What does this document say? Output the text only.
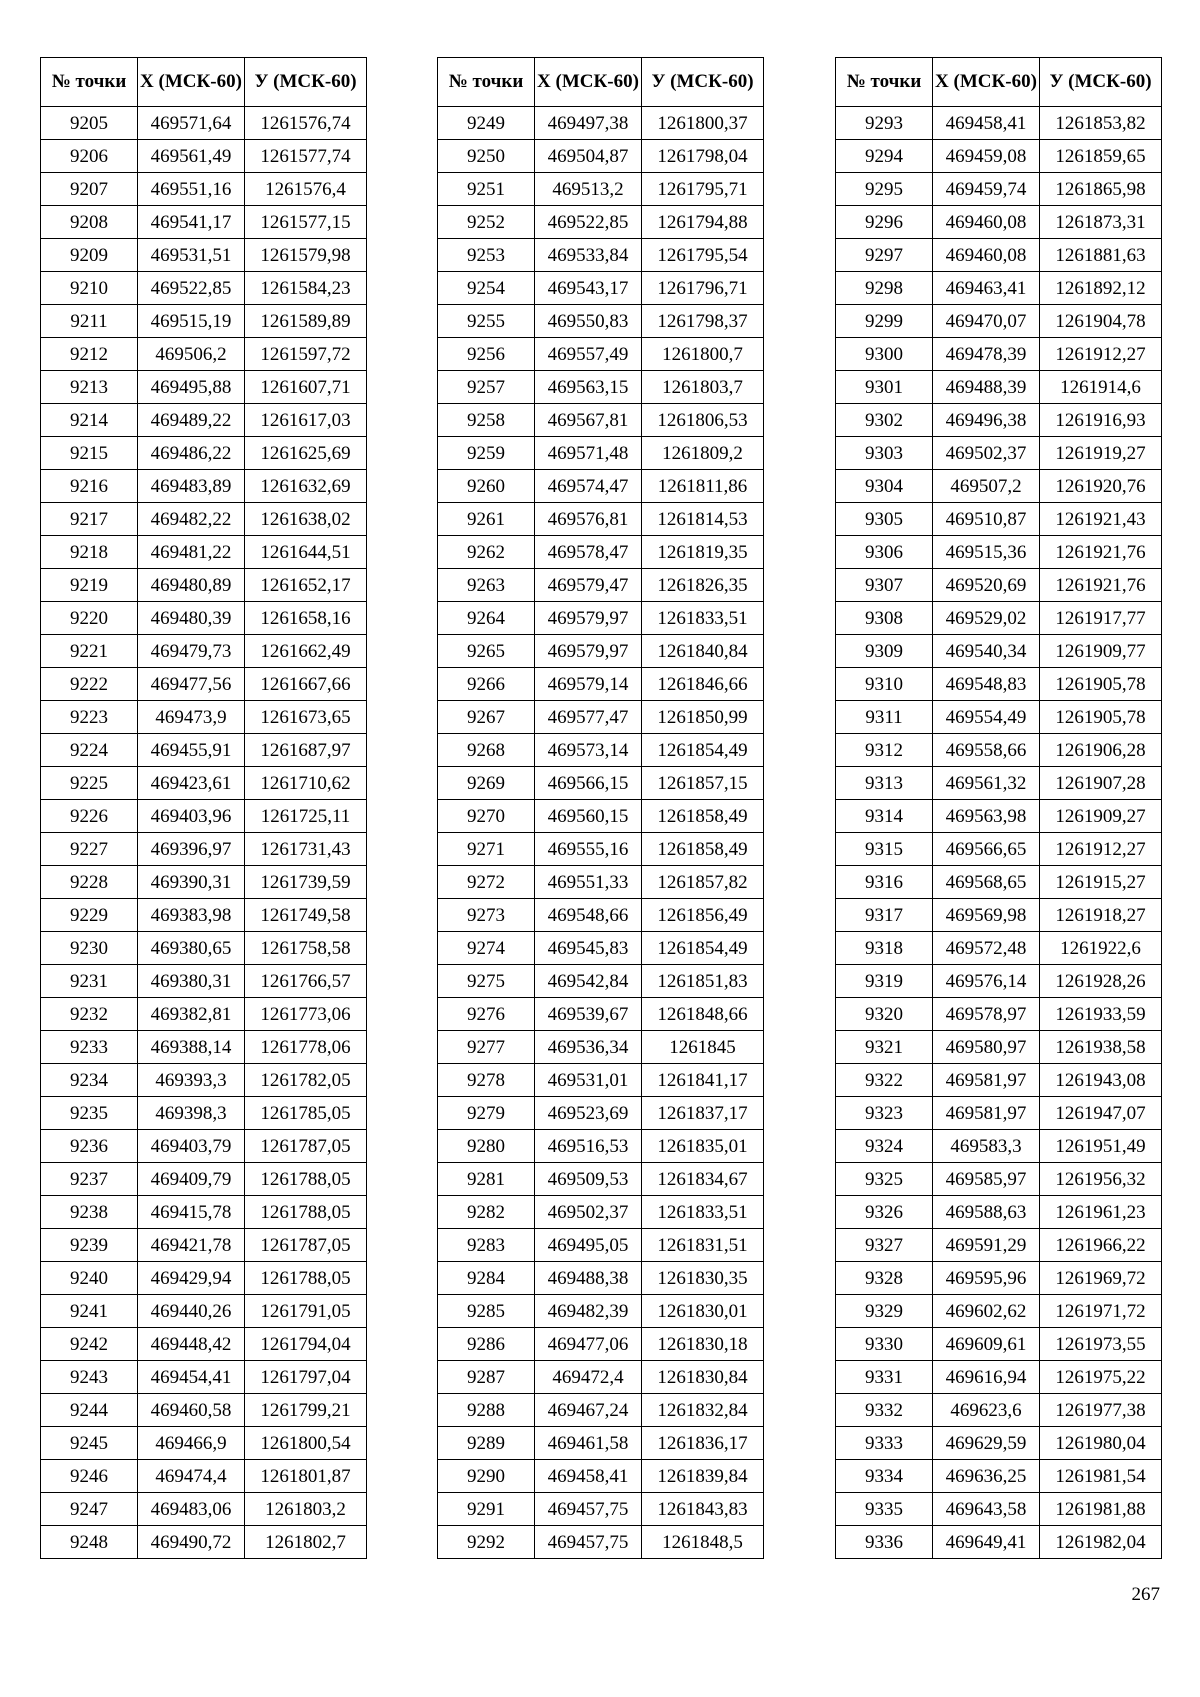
№ точки	X (МСК-60)	У (МСК-60)
9205	469571,64	1261576,74
9206	469561,49	1261577,74
9207	469551,16	1261576,4
9208	469541,17	1261577,15
9209	469531,51	1261579,98
9210	469522,85	1261584,23
9211	469515,19	1261589,89
9212	469506,2	1261597,72
9213	469495,88	1261607,71
9214	469489,22	1261617,03
9215	469486,22	1261625,69
9216	469483,89	1261632,69
9217	469482,22	1261638,02
9218	469481,22	1261644,51
9219	469480,89	1261652,17
9220	469480,39	1261658,16
9221	469479,73	1261662,49
9222	469477,56	1261667,66
9223	469473,9	1261673,65
9224	469455,91	1261687,97
9225	469423,61	1261710,62
9226	469403,96	1261725,11
9227	469396,97	1261731,43
9228	469390,31	1261739,59
9229	469383,98	1261749,58
9230	469380,65	1261758,58
9231	469380,31	1261766,57
9232	469382,81	1261773,06
9233	469388,14	1261778,06
9234	469393,3	1261782,05
9235	469398,3	1261785,05
9236	469403,79	1261787,05
9237	469409,79	1261788,05
9238	469415,78	1261788,05
9239	469421,78	1261787,05
9240	469429,94	1261788,05
9241	469440,26	1261791,05
9242	469448,42	1261794,04
9243	469454,41	1261797,04
9244	469460,58	1261799,21
9245	469466,9	1261800,54
9246	469474,4	1261801,87
9247	469483,06	1261803,2
9248	469490,72	1261802,7
№ точки	X (МСК-60)	У (МСК-60)
9249	469497,38	1261800,37
9250	469504,87	1261798,04
9251	469513,2	1261795,71
9252	469522,85	1261794,88
9253	469533,84	1261795,54
9254	469543,17	1261796,71
9255	469550,83	1261798,37
9256	469557,49	1261800,7
9257	469563,15	1261803,7
9258	469567,81	1261806,53
9259	469571,48	1261809,2
9260	469574,47	1261811,86
9261	469576,81	1261814,53
9262	469578,47	1261819,35
9263	469579,47	1261826,35
9264	469579,97	1261833,51
9265	469579,97	1261840,84
9266	469579,14	1261846,66
9267	469577,47	1261850,99
9268	469573,14	1261854,49
9269	469566,15	1261857,15
9270	469560,15	1261858,49
9271	469555,16	1261858,49
9272	469551,33	1261857,82
9273	469548,66	1261856,49
9274	469545,83	1261854,49
9275	469542,84	1261851,83
9276	469539,67	1261848,66
9277	469536,34	1261845
9278	469531,01	1261841,17
9279	469523,69	1261837,17
9280	469516,53	1261835,01
9281	469509,53	1261834,67
9282	469502,37	1261833,51
9283	469495,05	1261831,51
9284	469488,38	1261830,35
9285	469482,39	1261830,01
9286	469477,06	1261830,18
9287	469472,4	1261830,84
9288	469467,24	1261832,84
9289	469461,58	1261836,17
9290	469458,41	1261839,84
9291	469457,75	1261843,83
9292	469457,75	1261848,5
№ точки	X (МСК-60)	У (МСК-60)
9293	469458,41	1261853,82
9294	469459,08	1261859,65
9295	469459,74	1261865,98
9296	469460,08	1261873,31
9297	469460,08	1261881,63
9298	469463,41	1261892,12
9299	469470,07	1261904,78
9300	469478,39	1261912,27
9301	469488,39	1261914,6
9302	469496,38	1261916,93
9303	469502,37	1261919,27
9304	469507,2	1261920,76
9305	469510,87	1261921,43
9306	469515,36	1261921,76
9307	469520,69	1261921,76
9308	469529,02	1261917,77
9309	469540,34	1261909,77
9310	469548,83	1261905,78
9311	469554,49	1261905,78
9312	469558,66	1261906,28
9313	469561,32	1261907,28
9314	469563,98	1261909,27
9315	469566,65	1261912,27
9316	469568,65	1261915,27
9317	469569,98	1261918,27
9318	469572,48	1261922,6
9319	469576,14	1261928,26
9320	469578,97	1261933,59
9321	469580,97	1261938,58
9322	469581,97	1261943,08
9323	469581,97	1261947,07
9324	469583,3	1261951,49
9325	469585,97	1261956,32
9326	469588,63	1261961,23
9327	469591,29	1261966,22
9328	469595,96	1261969,72
9329	469602,62	1261971,72
9330	469609,61	1261973,55
9331	469616,94	1261975,22
9332	469623,6	1261977,38
9333	469629,59	1261980,04
9334	469636,25	1261981,54
9335	469643,58	1261981,88
9336	469649,41	1261982,04
267
